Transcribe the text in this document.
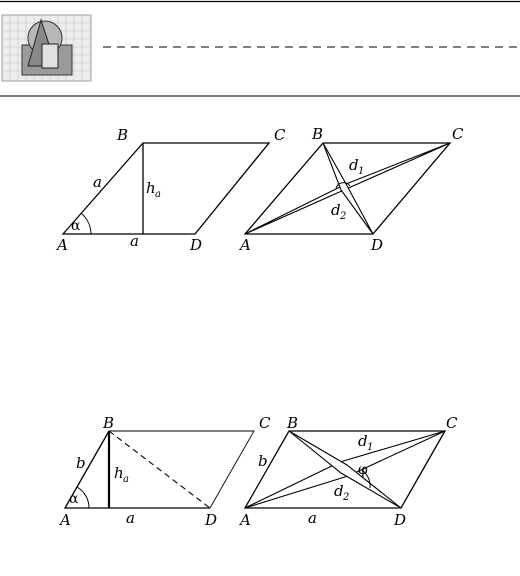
B	C
A	D
a
a
h a
α
B	C
A	D
d 1
d 2
B	C
A	D
b
a
h a
α
B	C
A	D
b
a
d 1
d 2
φ
